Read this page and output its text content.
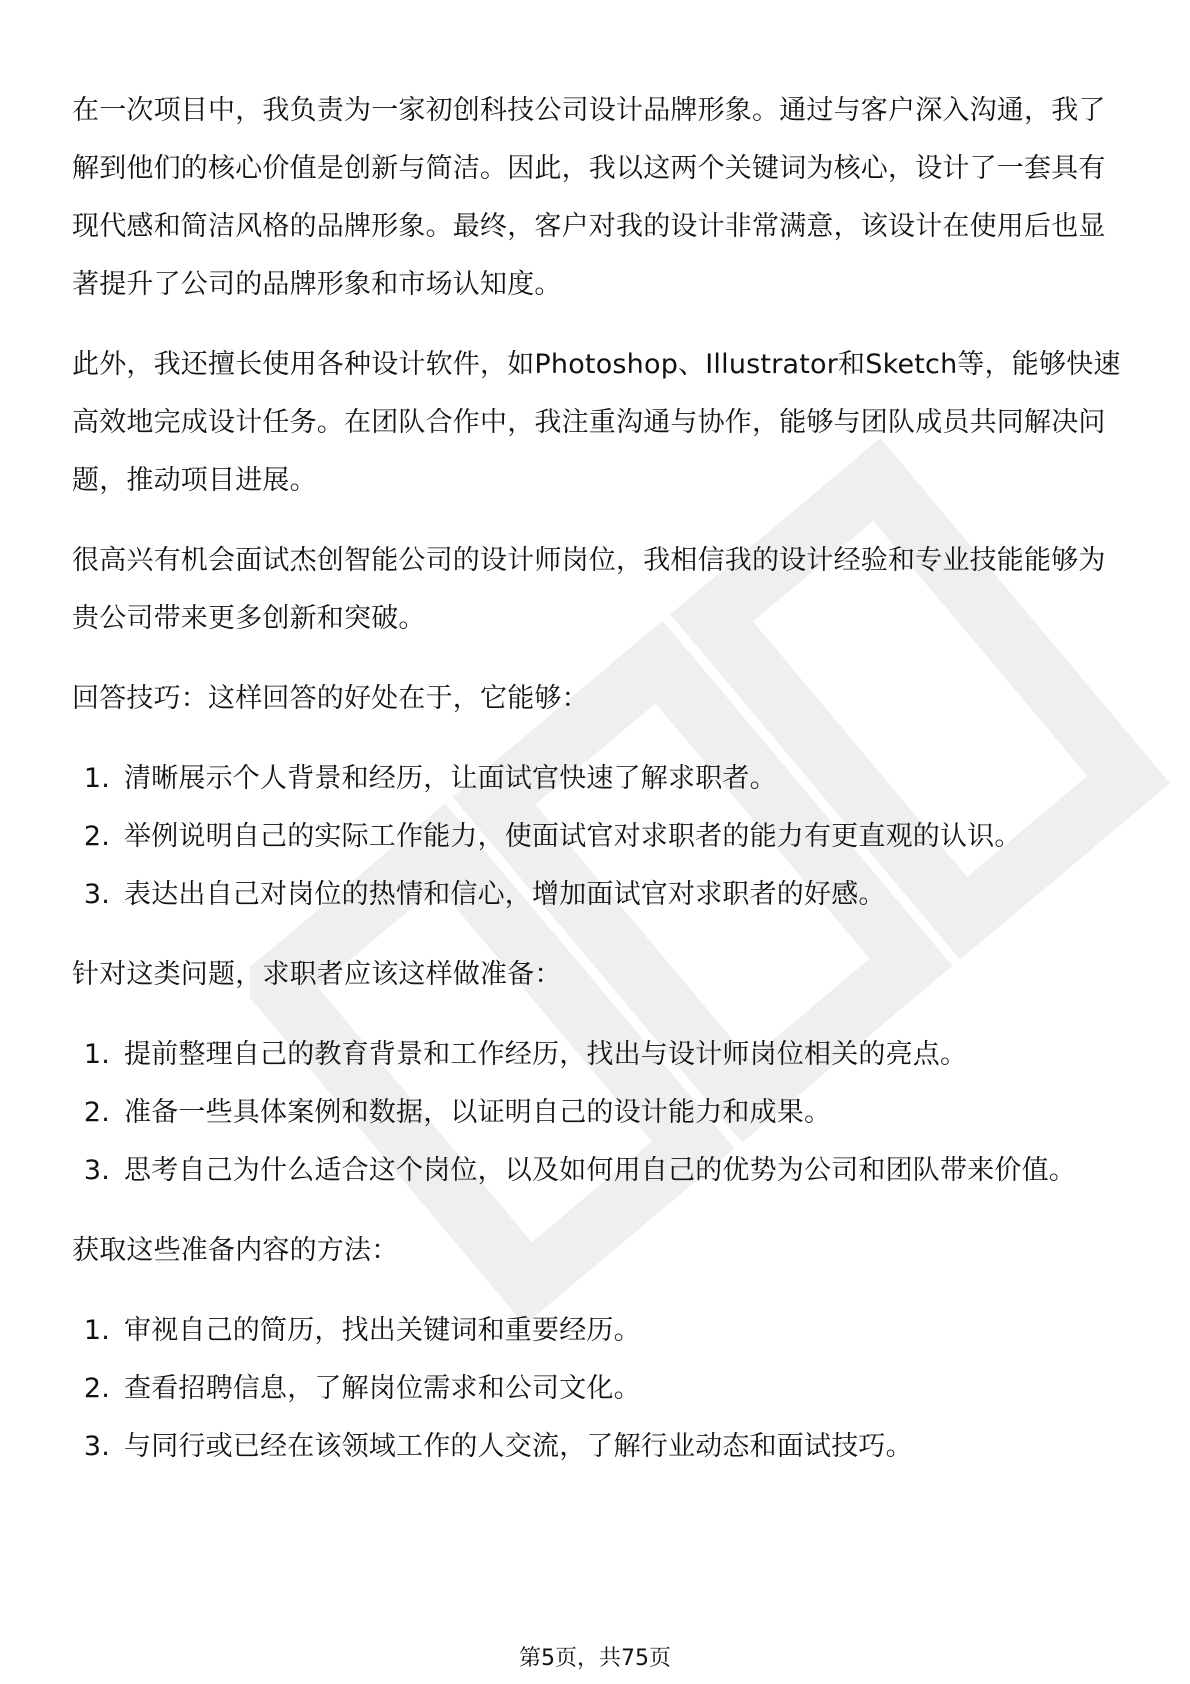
在一次项目中，我负责为一家初创科技公司设计品牌形象。通过与客户深入沟通，我了解到他们的核心价值是创新与简洁。因此，我以这两个关键词为核心，设计了一套具有现代感和简洁风格的品牌形象。最终，客户对我的设计非常满意，该设计在使用后也显著提升了公司的品牌形象和市场认知度。

此外，我还擅长使用各种设计软件，如Photoshop、Illustrator和Sketch等，能够快速高效地完成设计任务。在团队合作中，我注重沟通与协作，能够与团队成员共同解决问题，推动项目进展。

很高兴有机会面试杰创智能公司的设计师岗位，我相信我的设计经验和专业技能能够为贵公司带来更多创新和突破。

回答技巧：这样回答的好处在于，它能够：

1. 清晰展示个人背景和经历，让面试官快速了解求职者。
2. 举例说明自己的实际工作能力，使面试官对求职者的能力有更直观的认识。
3. 表达出自己对岗位的热情和信心，增加面试官对求职者的好感。

针对这类问题，求职者应该这样做准备：

1. 提前整理自己的教育背景和工作经历，找出与设计师岗位相关的亮点。
2. 准备一些具体案例和数据，以证明自己的设计能力和成果。
3. 思考自己为什么适合这个岗位，以及如何用自己的优势为公司和团队带来价值。

获取这些准备内容的方法：

1. 审视自己的简历，找出关键词和重要经历。
2. 查看招聘信息，了解岗位需求和公司文化。
3. 与同行或已经在该领域工作的人交流，了解行业动态和面试技巧。
第5页，共75页
